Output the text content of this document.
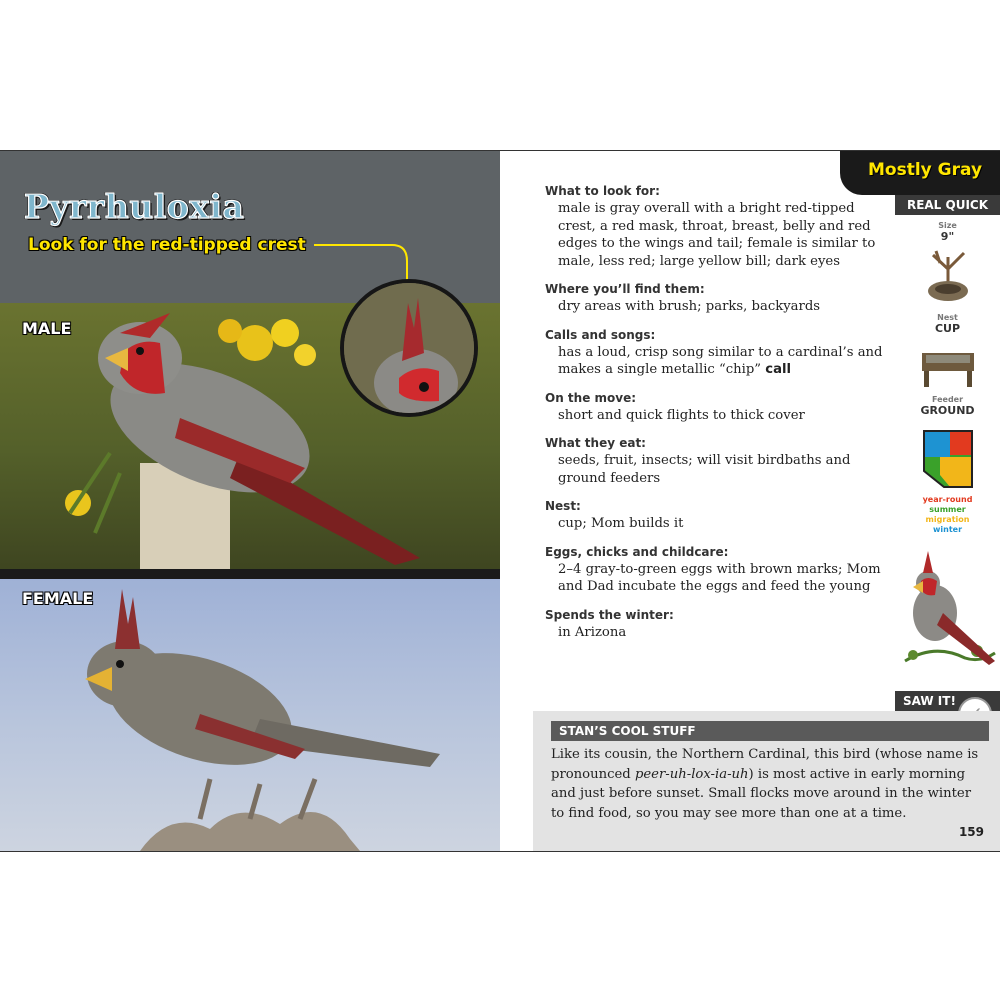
Pyrrhuloxia
Look for the red-tipped crest
MALE
FEMALE
Mostly Gray
REAL QUICK
Size
9"
Nest
CUP
Feeder
GROUND
year-round
summer
migration
winter
What to look for:
male is gray overall with a bright red-tipped crest, a red mask, throat, breast, belly and red edges to the wings and tail; female is similar to male, less red; large yellow bill; dark eyes
Where you’ll find them:
dry areas with brush; parks, backyards
Calls and songs:
has a loud, crisp song similar to a cardinal’s and makes a single metallic “chip” call
On the move:
short and quick flights to thick cover
What they eat:
seeds, fruit, insects; will visit birdbaths and ground feeders
Nest:
cup; Mom builds it
Eggs, chicks and childcare:
2–4 gray-to-green eggs with brown marks; Mom and Dad incubate the eggs and feed the young
Spends the winter:
in Arizona
SAW IT!
STAN’S COOL STUFF
Like its cousin, the Northern Cardinal, this bird (whose name is pronounced peer-uh-lox-ia-uh) is most active in early morning and just before sunset. Small flocks move around in the winter to find food, so you may see more than one at a time.
159
